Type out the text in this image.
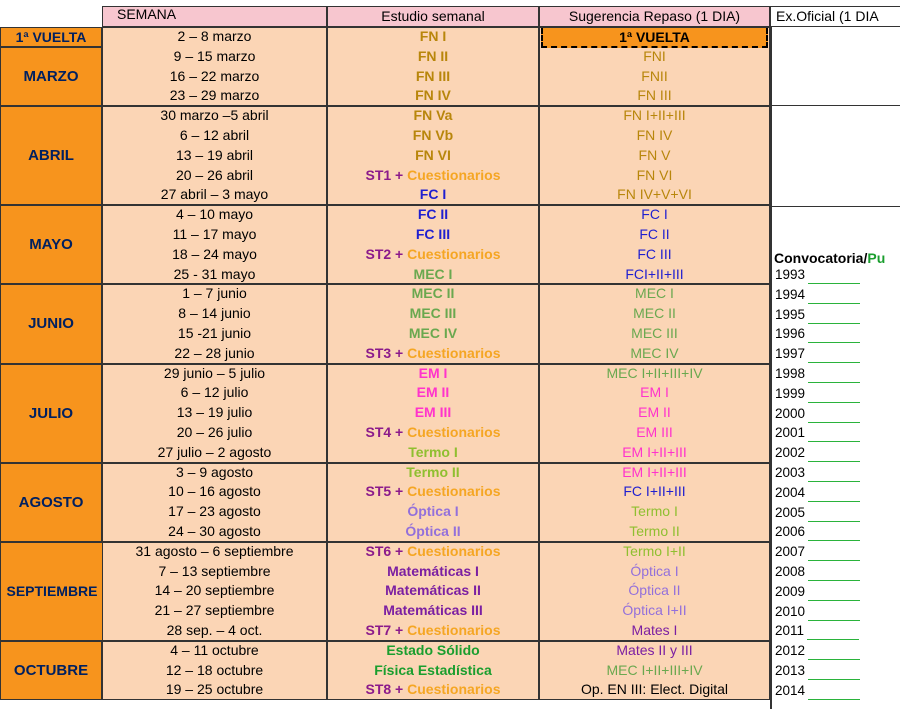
SEMANA	Estudio semanal	Sugerencia Repaso (1 DIA)	Ex.Oficial (1 DIA
1ª VUELTA
MARZO
2 – 8 marzo	FN I	1ª VUELTA
9 – 15 marzo	FN II	FNI
16 – 22 marzo	FN III	FNII
23 – 29 marzo	FN IV	FN III
ABRIL
30 marzo –5 abril	FN Va	FN I+II+III
6 – 12 abril	FN Vb	FN IV
13 – 19 abril	FN VI	FN V
20 – 26 abril	ST1 + Cuestionarios	FN VI
27 abril – 3 mayo	FC I	FN IV+V+VI
MAYO
4 – 10 mayo	FC II	FC I
11 – 17 mayo	FC III	FC II
18 – 24 mayo	ST2 + Cuestionarios	FC III
25 - 31 mayo	MEC I	FCI+II+III
JUNIO
1 – 7 junio	MEC II	MEC I
8 – 14 junio	MEC III	MEC II
15 -21 junio	MEC IV	MEC III
22 – 28 junio	ST3 + Cuestionarios	MEC IV
JULIO
29 junio – 5 julio	EM I	MEC I+II+III+IV
6 – 12 julio	EM II	EM I
13 – 19 julio	EM III	EM II
20 – 26 julio	ST4 + Cuestionarios	EM III
27 julio – 2 agosto	Termo I	EM I+II+III
AGOSTO
3 – 9 agosto	Termo II	EM I+II+III
10 – 16 agosto	ST5 + Cuestionarios	FC I+II+III
17 – 23 agosto	Óptica I	Termo I
24 – 30 agosto	Óptica II	Termo II
SEPTIEMBRE
31 agosto – 6 septiembre	ST6 + Cuestionarios	Termo I+II
7 – 13 septiembre	Matemáticas I	Óptica I
14 – 20 septiembre	Matemáticas II	Óptica II
21 – 27 septiembre	Matemáticas III	Óptica I+II
28 sep. – 4 oct.	ST7 + Cuestionarios	Mates I
OCTUBRE
4 – 11 octubre	Estado Sólido	Mates II y III
12 – 18 octubre	Física Estadística	MEC I+II+III+IV
19 – 25 octubre	ST8 + Cuestionarios	Op. EN III: Elect. Digital
Convocatoria/Pu
1993
1994
1995
1996
1997
1998
1999
2000
2001
2002
2003
2004
2005
2006
2007
2008
2009
2010
2011
2012
2013
2014
